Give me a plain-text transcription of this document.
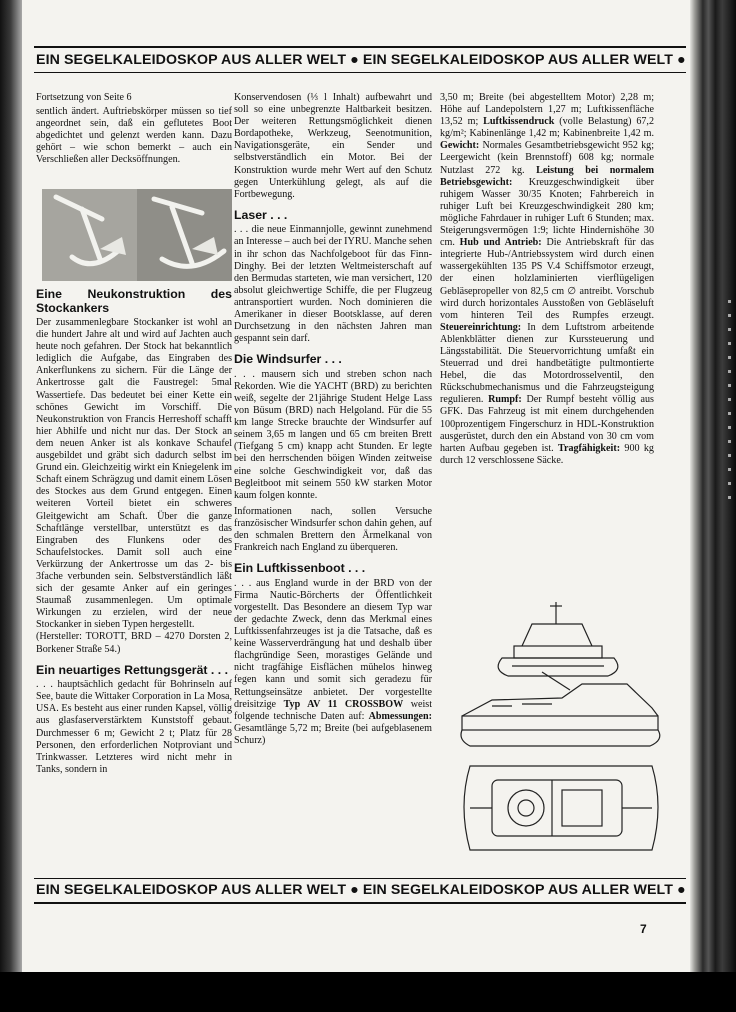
EIN SEGELKALEIDOSKOP AUS ALLER WELT ● EIN SEGELKALEIDOSKOP AUS ALLER WELT ●

Fortsetzung von Seite 6

sentlich ändert. Auftriebskörper müssen so tief angeordnet sein, daß ein geflutetes Boot abgedichtet und gelenzt werden kann. Dazu gehört – wie schon bemerkt – auch ein Verschließen aller Decksöffnungen.

Eine Neukonstruktion des Stockankers

Der zusammenlegbare Stockanker ist wohl an die hundert Jahre alt und wird auf Jachten auch heute noch gefahren. Der Stock hat bekanntlich lediglich die Aufgabe, das Eingraben des Ankerflunkens zu sichern. Für die Länge der Ankertrosse galt die Faustregel: 5mal Wassertiefe. Das bedeutet bei einer Kette ein schönes Gewicht im Vorschiff. Die Neukonstruktion von Francis Herreshoff schafft hier Abhilfe und nicht nur das. Der Stock an dem neuen Anker ist als konkave Schaufel ausgebildet und gräbt sich dadurch selbst im Grund ein. Gleichzeitig wirkt ein Kniegelenk im Schaft einem Schrägzug und damit einem Lösen des Stockes aus dem Grund entgegen. Einen weiteren Vorteil bietet ein schweres Gleitgewicht am Schaft. Über die ganze Schaftlänge verstellbar, unterstützt es das Eingraben des Flunkens oder des Schaufelstockes. Damit soll auch eine Verkürzung der Ankertrosse um das 2- bis 3fache verbunden sein. Selbstverständlich läßt sich der gesamte Anker auf ein geringes Staumaß zusammenlegen. Um optimale Wirkungen zu erzielen, wird der neue Stockanker in sieben Typen hergestellt.

(Hersteller: TOROTT, BRD – 4270 Dorsten 2, Borkener Straße 54.)

Ein neuartiges Rettungsgerät . . .

. . . hauptsächlich gedacht für Bohrinseln auf See, baute die Wittaker Corporation in La Mosa, USA. Es besteht aus einer runden Kapsel, völlig aus glasfaserverstärktem Kunststoff gebaut. Durchmesser 6 m; Gewicht 2 t; Platz für 28 Personen, den erforderlichen Notproviant und Trinkwasser. Letzteres wird nicht mehr in Tanks, sondern in

Konservendosen (⅓ l Inhalt) aufbewahrt und soll so eine unbegrenzte Haltbarkeit besitzen. Der weiteren Rettungsmöglichkeit dienen Bordapotheke, Werkzeug, Seenotmunition, Navigationsgeräte, ein Sender und selbstverständlich ein Motor. Bei der Konstruktion wurde mehr Wert auf den Schutz gegen Unterkühlung gelegt, als auf die Fortbewegung.

Laser . . .

. . . die neue Einmannjolle, gewinnt zunehmend an Interesse – auch bei der IYRU. Manche sehen in ihr schon das Nachfolgeboot für das Finn-Dinghy. Bei der letzten Weltmeisterschaft auf den Bermudas starteten, wie man versichert, 120 absolut gleichwertige Schiffe, die per Flugzeug antransportiert wurden. Noch dominieren die Amerikaner in dieser Bootsklasse, auf deren Durchsetzung in den nächsten Jahren man gespannt sein darf.

Die Windsurfer . . .

. . . mausern sich und streben schon nach Rekorden. Wie die YACHT (BRD) zu berichten weiß, segelte der 21jährige Student Helge Lass von Büsum (BRD) nach Helgoland. Für die 55 km lange Strecke brauchte der Windsurfer auf seinem 3,65 m langen und 65 cm breiten Brett (Tiefgang 5 cm) knapp acht Stunden. Er legte bei den herrschenden böigen Winden zeitweise eine solche Geschwindigkeit vor, daß das Begleitboot mit seinem 550 kW starken Motor kaum folgen konnte.

Informationen nach, sollen Versuche französischer Windsurfer schon dahin gehen, auf den schmalen Brettern den Ärmelkanal von Frankreich nach England zu überqueren.

Ein Luftkissenboot . . .

. . . aus England wurde in der BRD von der Firma Nautic-Börcherts der Öffentlichkeit vorgestellt. Das Besondere an diesem Typ war der gedachte Zweck, denn das Merkmal eines Luftkissenfahrzeuges ist ja die Tatsache, daß es keine Wasserverdrängung hat und deshalb über flachgründige Seen, morastiges Gelände und nicht tragfähige Eisflächen mühelos hinweg fegen kann und somit sich geradezu für Rettungseinsätze anbietet. Der vorgestellte dreisitzige Typ AV 11 CROSSBOW weist folgende technische Daten auf: Abmessungen: Gesamtlänge 5,72 m; Breite (bei aufgeblasenem Schurz)

3,50 m; Breite (bei abgestelltem Motor) 2,28 m; Höhe auf Landepolstern 1,27 m; Luftkissenfläche 13,52 m; Luftkissendruck (volle Belastung) 67,2 kg/m²; Kabinenlänge 1,42 m; Kabinenbreite 1,42 m. Gewicht: Normales Gesamtbetriebsgewicht 952 kg; Leergewicht (kein Brennstoff) 608 kg; normale Nutzlast 272 kg. Leistung bei normalem Betriebsgewicht: Kreuzgeschwindigkeit über ruhigem Wasser 30/35 Knoten; Fahrbereich in ruhiger Luft bei Kreuzgeschwindigkeit 280 km; mögliche Fahrdauer in ruhiger Luft 6 Stunden; max. Steigerungsvermögen 1:9; lichte Hindernishöhe 30 cm. Hub und Antrieb: Die Antriebskraft für das integrierte Hub-/Antriebssystem wird durch einen wassergekühlten 135 PS V.4 Schiffsmotor erzeugt, der einen holzlaminierten vierflügeligen Gebläsepropeller von 82,5 cm ∅ antreibt. Vorschub wird durch horizontales Ausstoßen von Gebläseluft vom hinteren Teil des Rumpfes erzeugt. Steuereinrichtung: In dem Luftstrom arbeitende Ablenkblätter dienen zur Kurssteuerung und Längsstabilität. Die Steuervorrichtung umfaßt ein Steuerrad und drei handbetätigte pultmontierte Hebel, die das Motordrosselventil, den Rückschubmechanismus und die Fahrzeugsteigung regulieren. Rumpf: Der Rumpf besteht völlig aus GFK. Das Fahrzeug ist mit einem durchgehenden 100prozentigem Fingerschurz in HDL-Konstruktion ausgerüstet, durch den ein Abstand von 30 cm vom harten Aufbau gegeben ist. Tragfähigkeit: 900 kg durch 12 verschlossene Säcke.

EIN SEGELKALEIDOSKOP AUS ALLER WELT ● EIN SEGELKALEIDOSKOP AUS ALLER WELT ●
7
